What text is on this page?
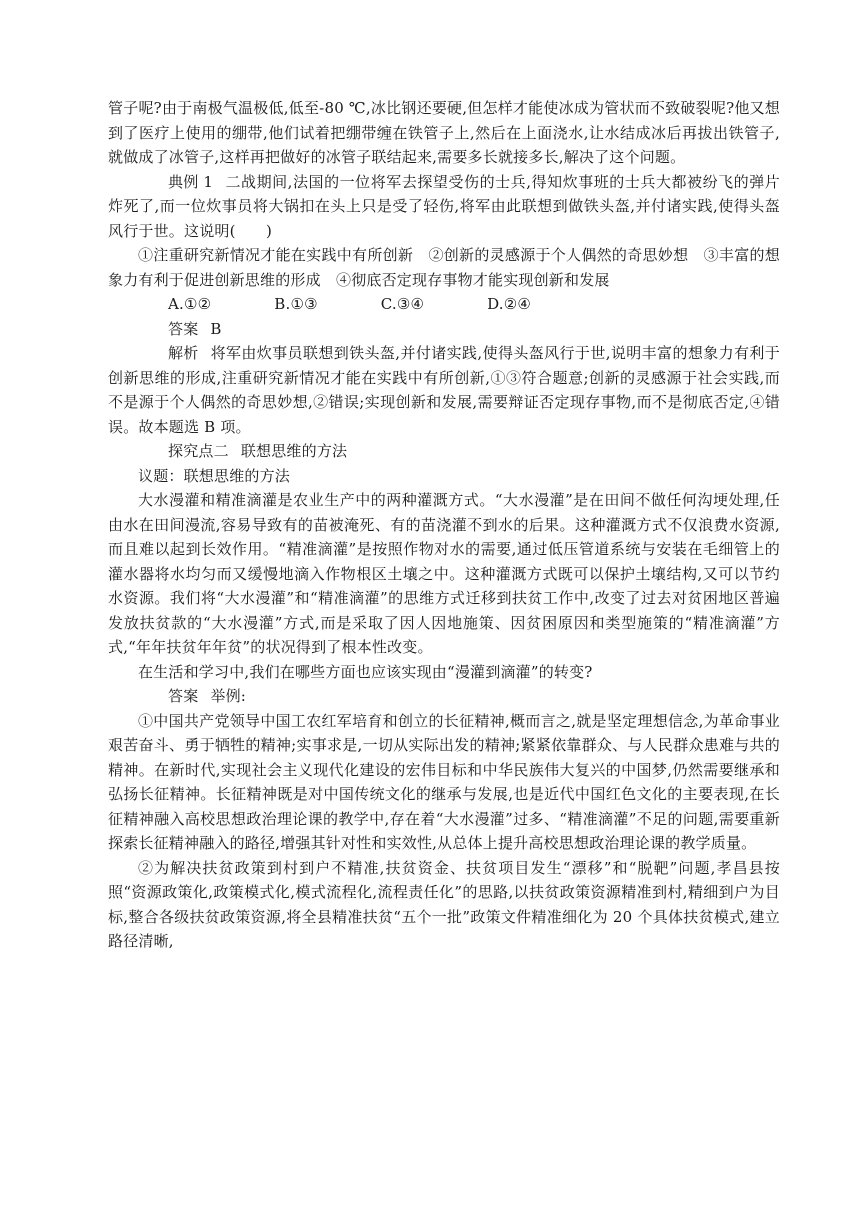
管子呢?由于南极气温极低,低至-80 ℃,冰比钢还要硬,但怎样才能使冰成为管状而不致破裂呢?他又想到了医疗上使用的绷带,他们试着把绷带缠在铁管子上,然后在上面浇水,让水结成冰后再拔出铁管子,就做成了冰管子,这样再把做好的冰管子联结起来,需要多长就接多长,解决了这个问题。

典例 1 二战期间,法国的一位将军去探望受伤的士兵,得知炊事班的士兵大都被纷飞的弹片炸死了,而一位炊事员将大锅扣在头上只是受了轻伤,将军由此联想到做铁头盔,并付诸实践,使得头盔风行于世。这说明(　　)

①注重研究新情况才能在实践中有所创新　②创新的灵感源于个人偶然的奇思妙想　③丰富的想象力有利于促进创新思维的形成　④彻底否定现存事物才能实现创新和发展

A.①②	B.①③	C.③④	D.②④

答案 B

解析 将军由炊事员联想到铁头盔,并付诸实践,使得头盔风行于世,说明丰富的想象力有利于创新思维的形成,注重研究新情况才能在实践中有所创新,①③符合题意;创新的灵感源于社会实践,而不是源于个人偶然的奇思妙想,②错误;实现创新和发展,需要辩证否定现存事物,而不是彻底否定,④错误。故本题选 B 项。

探究点二 联想思维的方法

议题：联想思维的方法

大水漫灌和精准滴灌是农业生产中的两种灌溉方式。“大水漫灌”是在田间不做任何沟埂处理,任由水在田间漫流,容易导致有的苗被淹死、有的苗浇灌不到水的后果。这种灌溉方式不仅浪费水资源,而且难以起到长效作用。“精准滴灌”是按照作物对水的需要,通过低压管道系统与安装在毛细管上的灌水器将水均匀而又缓慢地滴入作物根区土壤之中。这种灌溉方式既可以保护土壤结构,又可以节约水资源。我们将“大水漫灌”和“精准滴灌”的思维方式迁移到扶贫工作中,改变了过去对贫困地区普遍发放扶贫款的“大水漫灌”方式,而是采取了因人因地施策、因贫困原因和类型施策的“精准滴灌”方式,“年年扶贫年年贫”的状况得到了根本性改变。

在生活和学习中,我们在哪些方面也应该实现由“漫灌到滴灌”的转变?

答案 举例:

①中国共产党领导中国工农红军培育和创立的长征精神,概而言之,就是坚定理想信念,为革命事业艰苦奋斗、勇于牺牲的精神;实事求是,一切从实际出发的精神;紧紧依靠群众、与人民群众患难与共的精神。在新时代,实现社会主义现代化建设的宏伟目标和中华民族伟大复兴的中国梦,仍然需要继承和弘扬长征精神。长征精神既是对中国传统文化的继承与发展,也是近代中国红色文化的主要表现,在长征精神融入高校思想政治理论课的教学中,存在着“大水漫灌”过多、“精准滴灌”不足的问题,需要重新探索长征精神融入的路径,增强其针对性和实效性,从总体上提升高校思想政治理论课的教学质量。

②为解决扶贫政策到村到户不精准,扶贫资金、扶贫项目发生“漂移”和“脱靶”问题,孝昌县按照“资源政策化,政策模式化,模式流程化,流程责任化”的思路,以扶贫政策资源精准到村,精细到户为目标,整合各级扶贫政策资源,将全县精准扶贫“五个一批”政策文件精准细化为 20 个具体扶贫模式,建立路径清晰,
